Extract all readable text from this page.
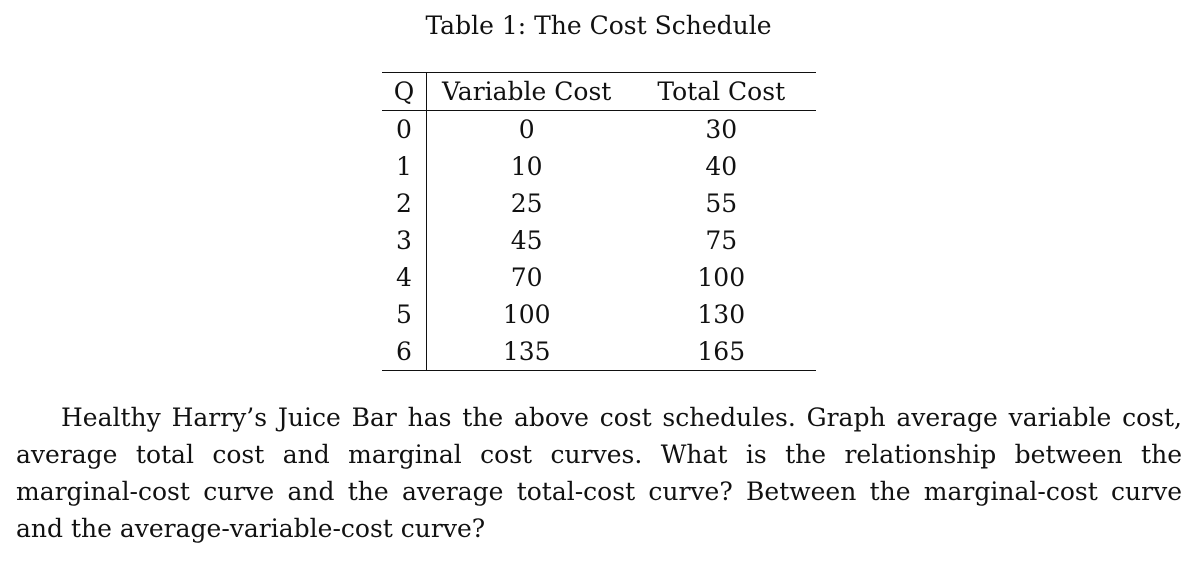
Table 1: The Cost Schedule
Q	Variable Cost	Total Cost
0	0	30
1	10	40
2	25	55
3	45	75
4	70	100
5	100	130
6	135	165

Healthy Harry’s Juice Bar has the above cost schedules. Graph average variable cost, average total cost and marginal cost curves. What is the relationship between the marginal-cost curve and the average total-cost curve? Between the marginal-cost curve and the average-variable-cost curve?
